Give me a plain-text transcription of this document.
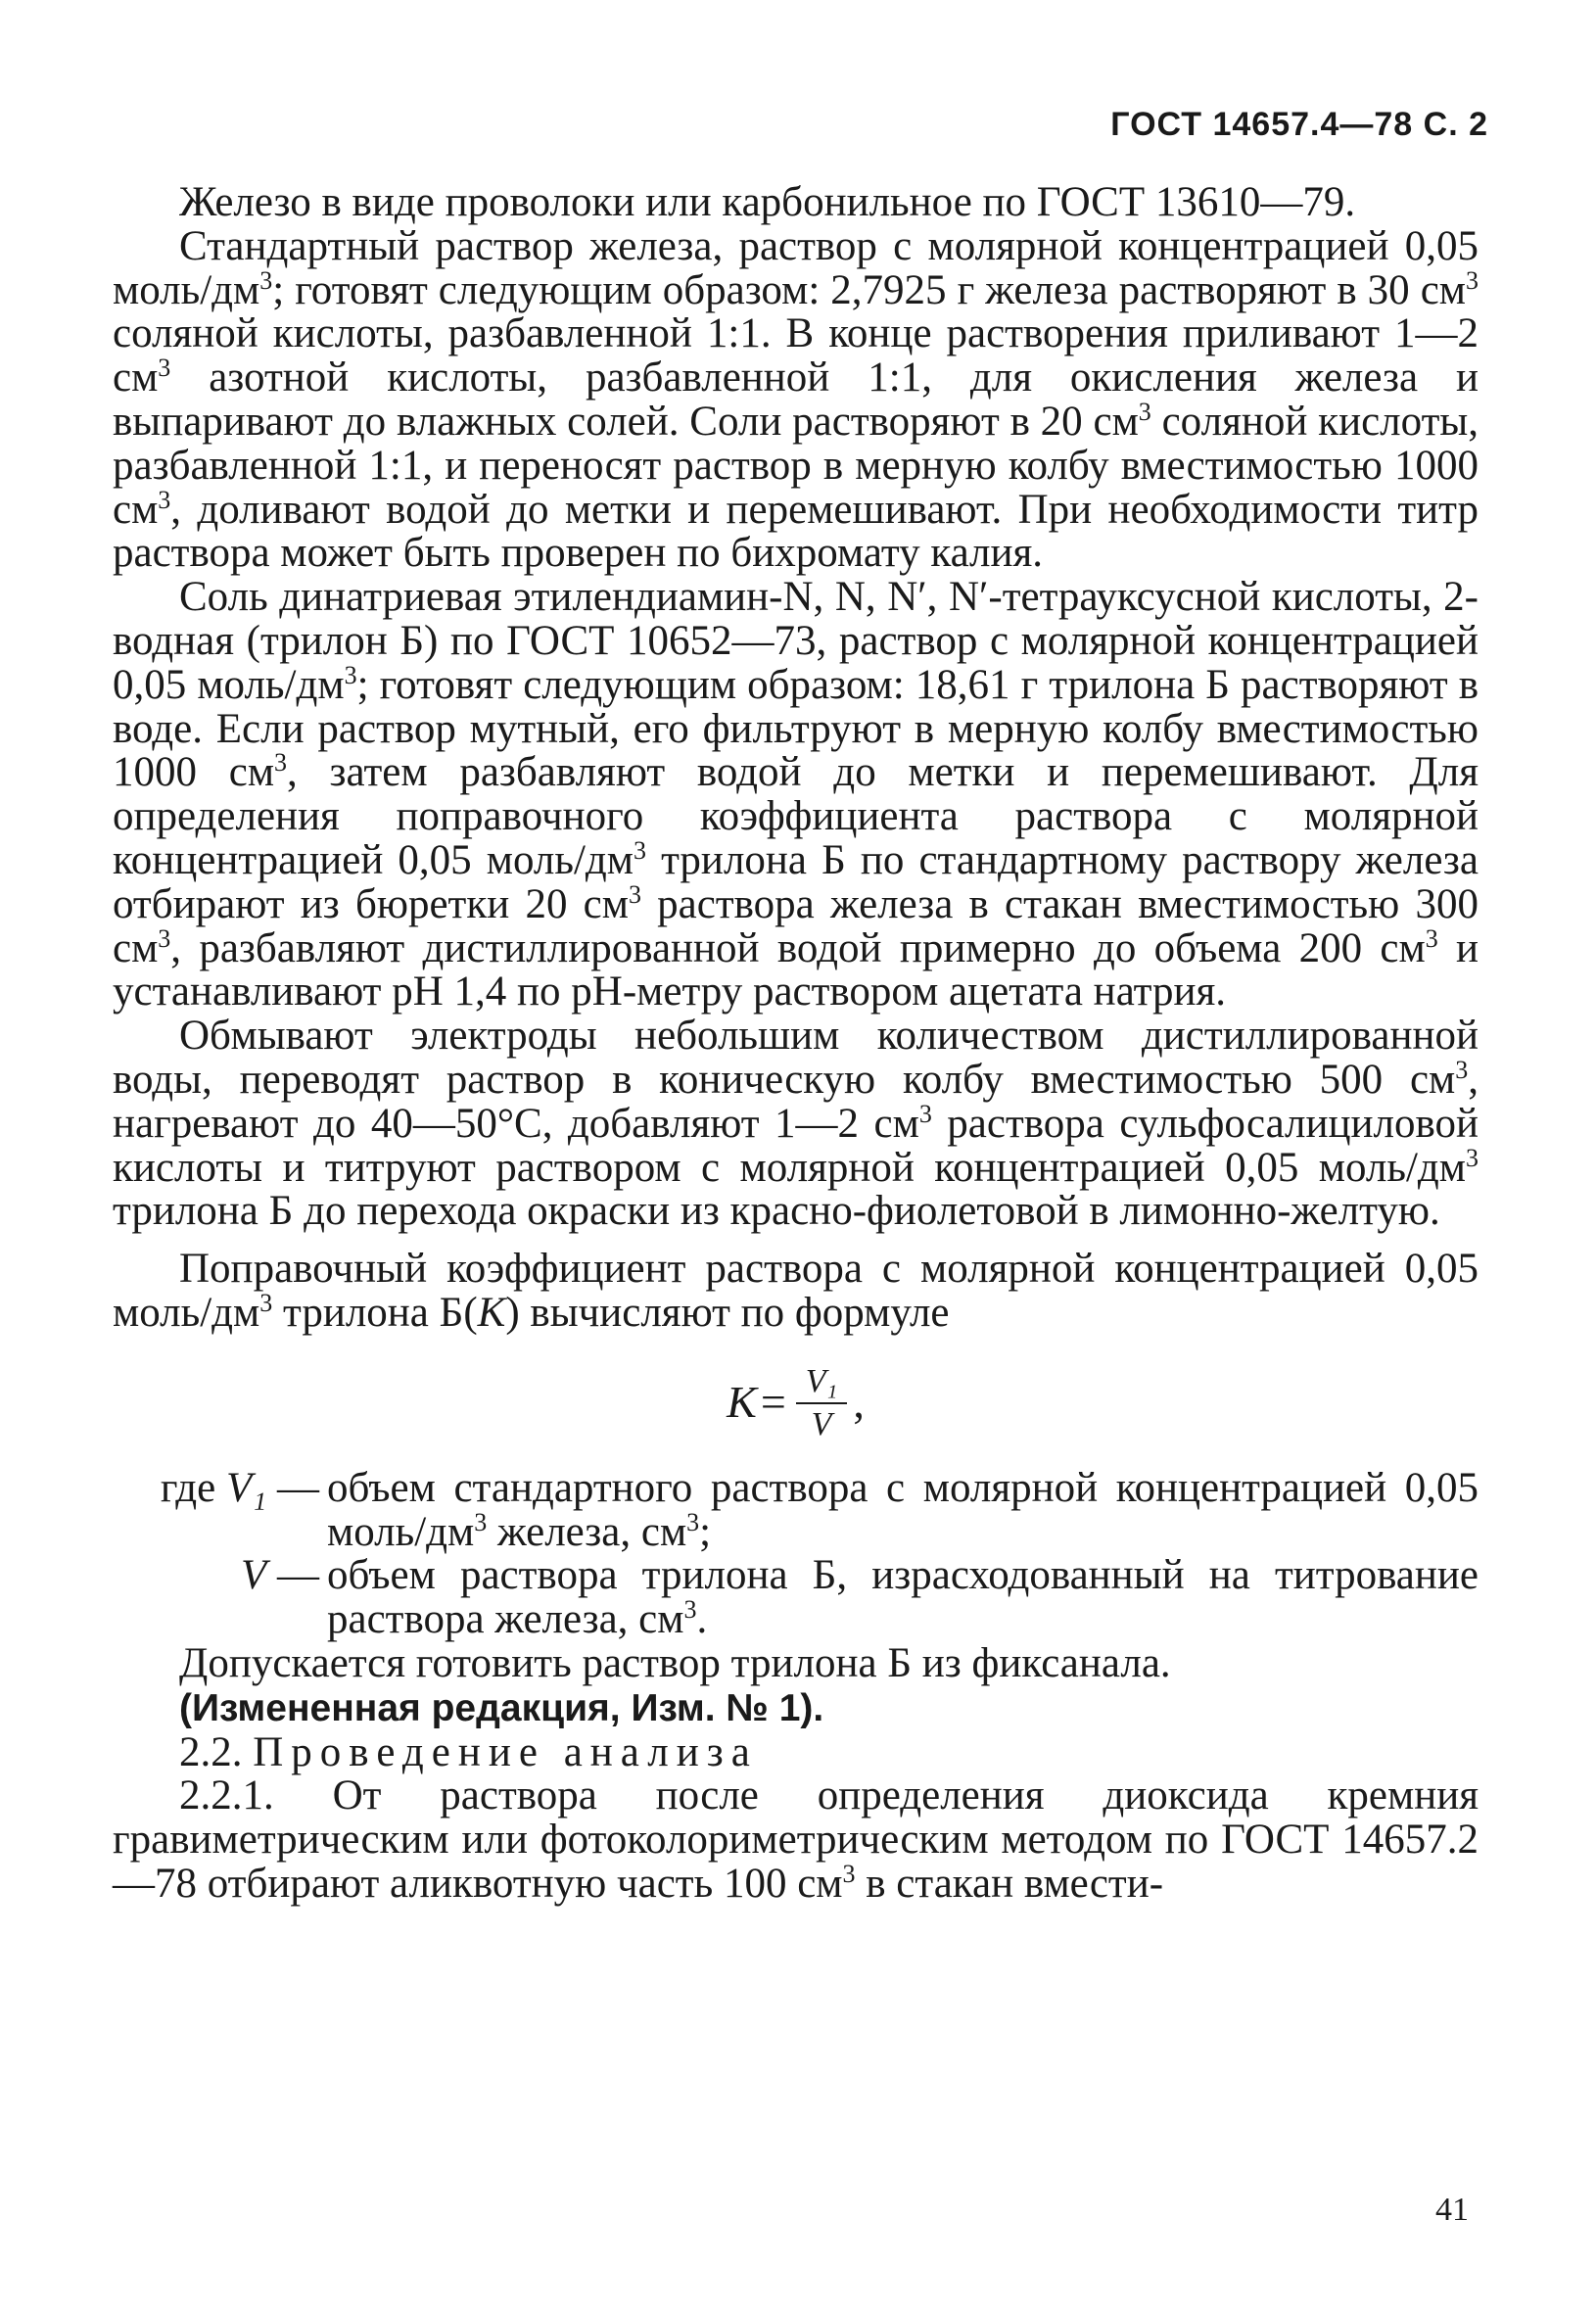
ГОСТ 14657.4—78 С. 2

Железо в виде проволоки или карбонильное по ГОСТ 13610—79.

Стандартный раствор железа, раствор с молярной концентрацией 0,05 моль/$дм^3$; готовят следующим образом: 2,7925 г железа растворяют в 30 $см^3$ соляной кислоты, разбавленной 1:1. В конце растворения приливают 1—2 $см^3$ азотной кислоты, разбавленной 1:1, для окисления железа и выпаривают до влажных солей. Соли растворяют в 20 $см^3$ соляной кислоты, разбавленной 1:1, и переносят раствор в мерную колбу вместимостью 1000 $см^3$, доливают водой до метки и перемешивают. При необходимости титр раствора может быть проверен по бихромату калия.

Соль динатриевая этилендиамин-N, N, N′, N′-тетрауксусной кислоты, 2-водная (трилон Б) по ГОСТ 10652—73, раствор с молярной концентрацией 0,05 моль/$дм^3$; готовят следующим образом: 18,61 г трилона Б растворяют в воде. Если раствор мутный, его фильтруют в мерную колбу вместимостью 1000 $см^3$, затем разбавляют водой до метки и перемешивают. Для определения поправочного коэффициента раствора с молярной концентрацией 0,05 моль/$дм^3$ трилона Б по стандартному раствору железа отбирают из бюретки 20 $см^3$ раствора железа в стакан вместимостью 300 $см^3$, разбавляют дистиллированной водой примерно до объема 200 $см^3$ и устанавливают pH 1,4 по pH-метру раствором ацетата натрия.

Обмывают электроды небольшим количеством дистиллированной воды, переводят раствор в коническую колбу вместимостью 500 $см^3$, нагревают до 40—50°С, добавляют 1—2 $см^3$ раствора сульфосалициловой кислоты и титруют раствором с молярной концентрацией 0,05 моль/$дм^3$ трилона Б до перехода окраски из красно-фиолетовой в лимонно-желтую.

Поправочный коэффициент раствора с молярной концентрацией 0,05 моль/$дм^3$ трилона Б(K) вычисляют по формуле

$K = \frac{\text{V₁}}{V}$ ,
где V₁ — объем стандартного раствора с молярной концентрацией 0,05 моль/$дм^3$ железа, $см^3$;
V — объем раствора трилона Б, израсходованный на титрование раствора железа, $см^3$.

Допускается готовить раствор трилона Б из фиксанала.

(Измененная редакция, Изм. № 1).

2.2. Проведение анализа

2.2.1. От раствора после определения диоксида кремния гравиметрическим или фотоколориметрическим методом по ГОСТ 14657.2—78 отбирают аликвотную часть 100 $см^3$ в стакан вмести-

41
